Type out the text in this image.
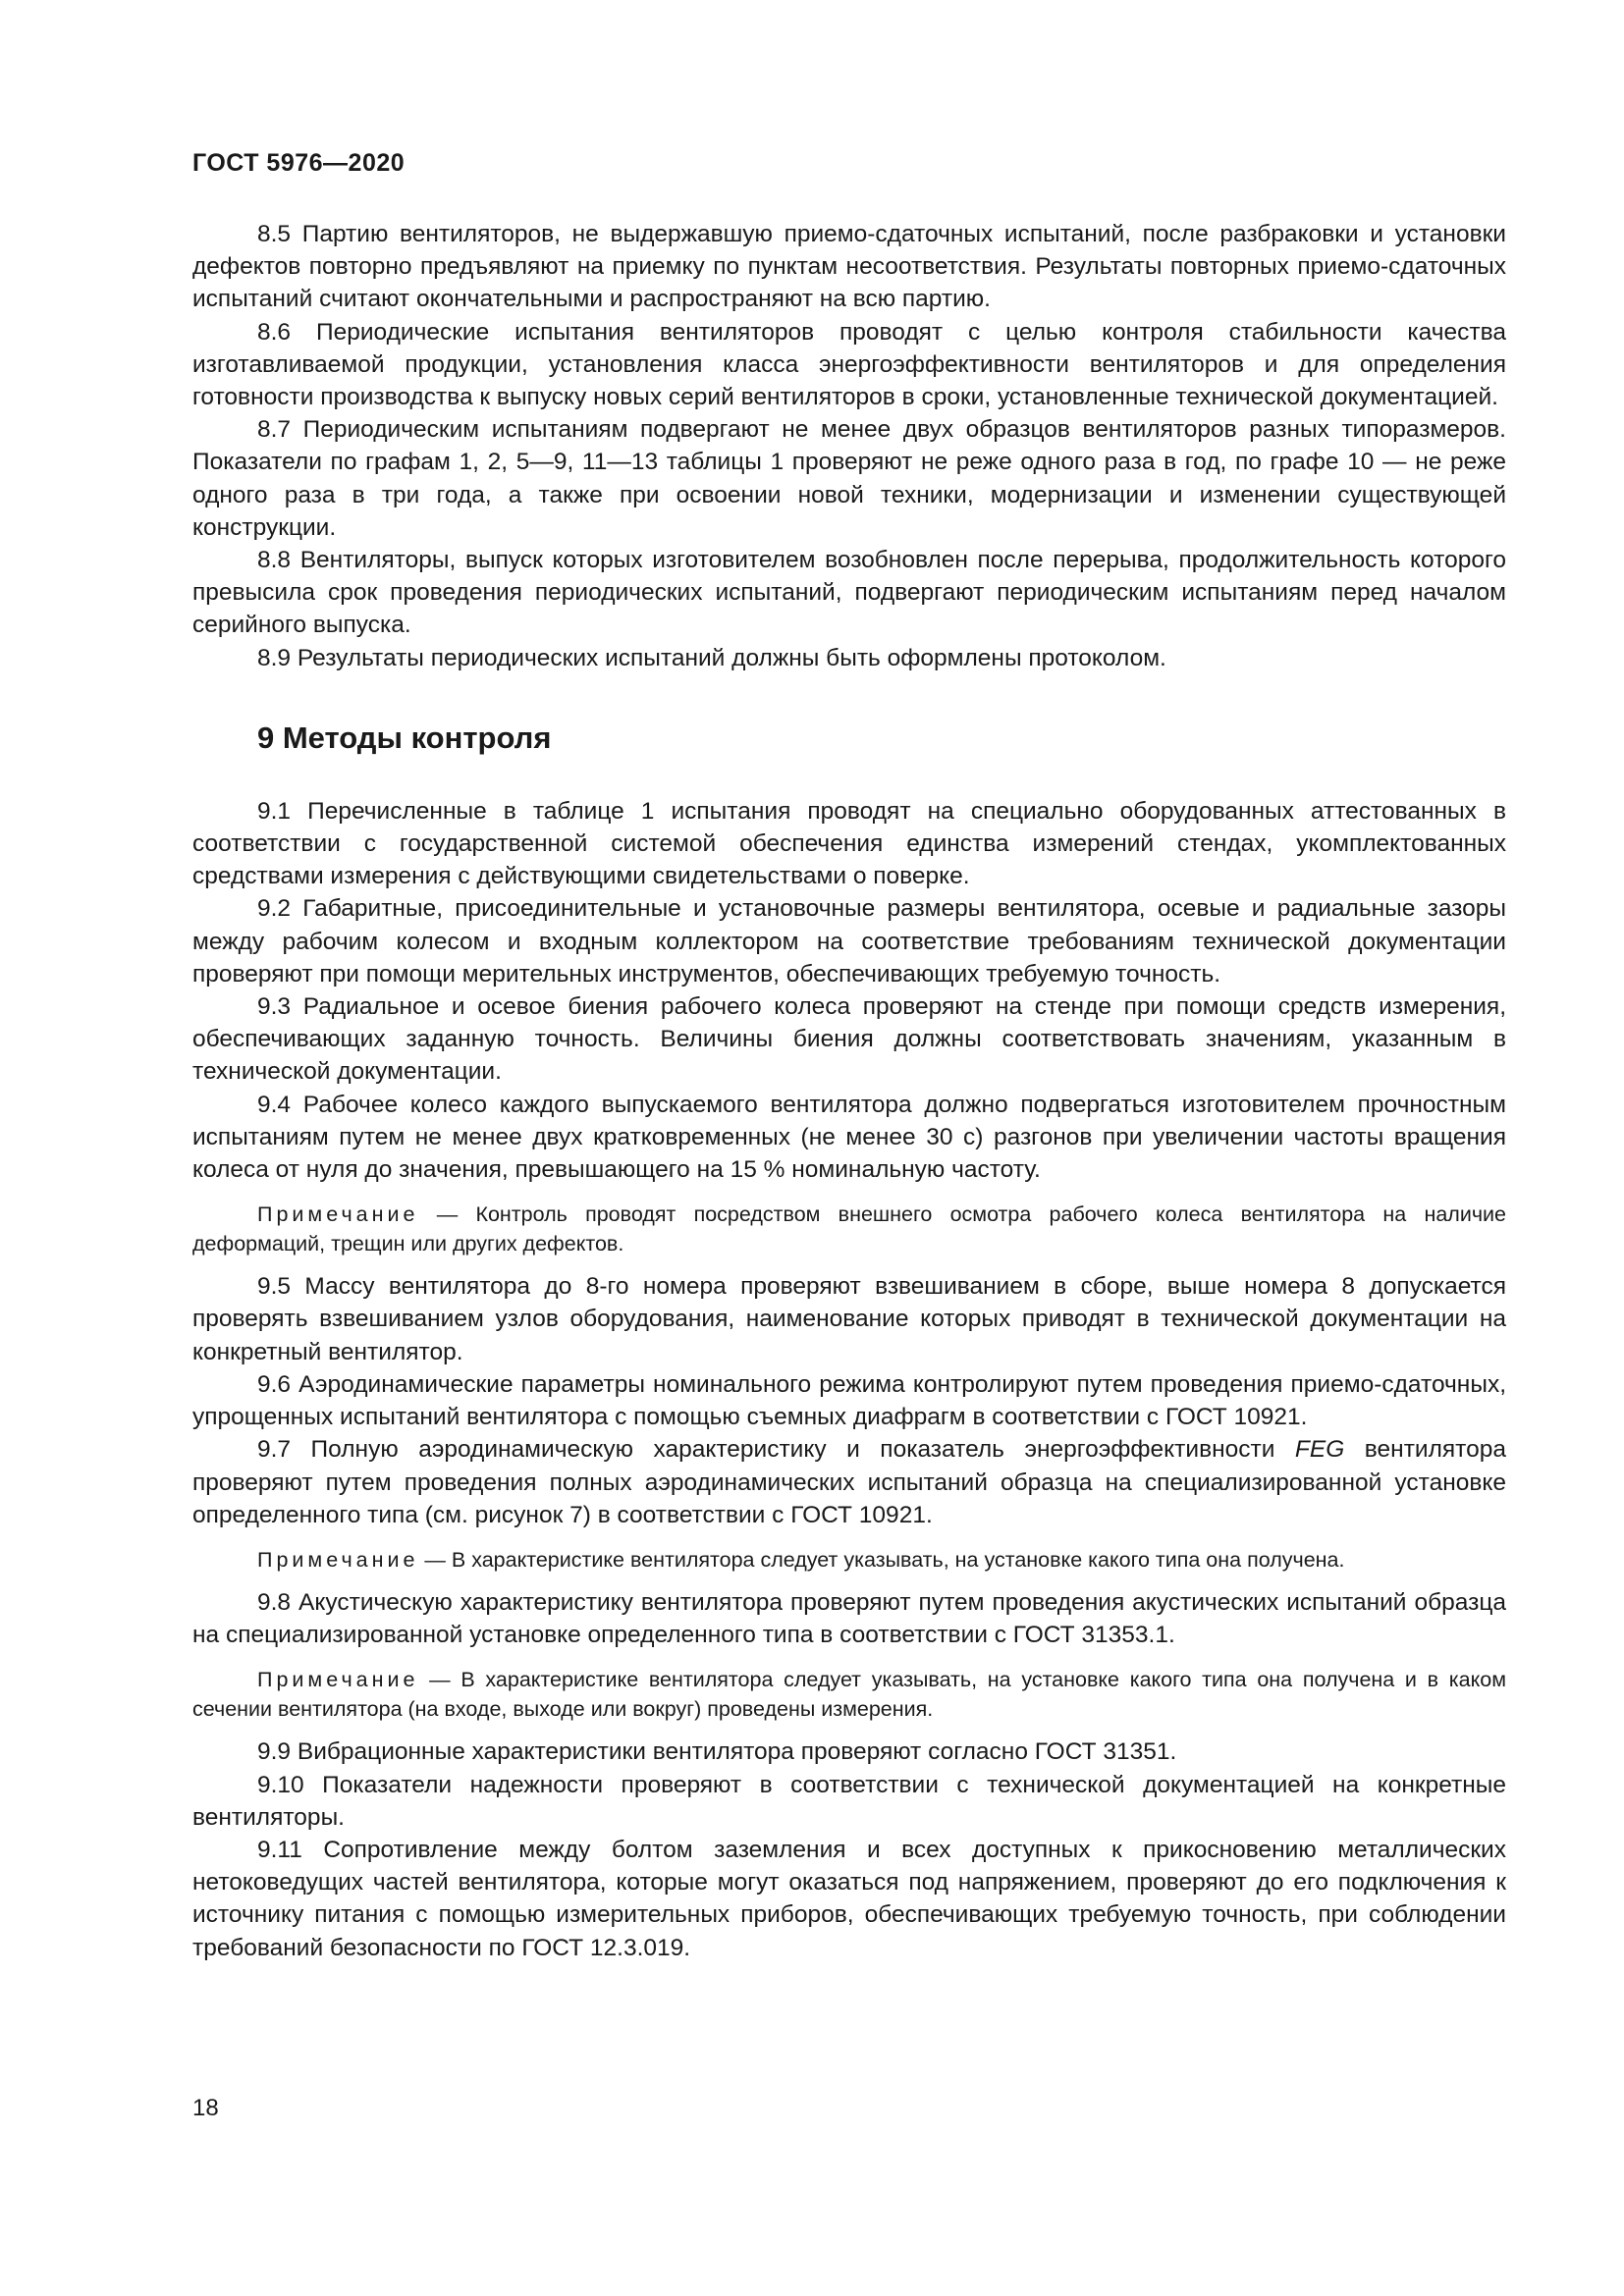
ГОСТ 5976—2020

8.5 Партию вентиляторов, не выдержавшую приемо-сдаточных испытаний, после разбраковки и установки дефектов повторно предъявляют на приемку по пунктам несоответствия. Результаты повторных приемо-сдаточных испытаний считают окончательными и распространяют на всю партию.

8.6 Периодические испытания вентиляторов проводят с целью контроля стабильности качества изготавливаемой продукции, установления класса энергоэффективности вентиляторов и для определения готовности производства к выпуску новых серий вентиляторов в сроки, установленные технической документацией.

8.7 Периодическим испытаниям подвергают не менее двух образцов вентиляторов разных типоразмеров. Показатели по графам 1, 2, 5—9, 11—13 таблицы 1 проверяют не реже одного раза в год, по графе 10 — не реже одного раза в три года, а также при освоении новой техники, модернизации и изменении существующей конструкции.

8.8 Вентиляторы, выпуск которых изготовителем возобновлен после перерыва, продолжительность которого превысила срок проведения периодических испытаний, подвергают периодическим испытаниям перед началом серийного выпуска.

8.9 Результаты периодических испытаний должны быть оформлены протоколом.

9 Методы контроля

9.1 Перечисленные в таблице 1 испытания проводят на специально оборудованных аттестованных в соответствии с государственной системой обеспечения единства измерений стендах, укомплектованных средствами измерения с действующими свидетельствами о поверке.

9.2 Габаритные, присоединительные и установочные размеры вентилятора, осевые и радиальные зазоры между рабочим колесом и входным коллектором на соответствие требованиям технической документации проверяют при помощи мерительных инструментов, обеспечивающих требуемую точность.

9.3 Радиальное и осевое биения рабочего колеса проверяют на стенде при помощи средств измерения, обеспечивающих заданную точность. Величины биения должны соответствовать значениям, указанным в технической документации.

9.4 Рабочее колесо каждого выпускаемого вентилятора должно подвергаться изготовителем прочностным испытаниям путем не менее двух кратковременных (не менее 30 с) разгонов при увеличении частоты вращения колеса от нуля до значения, превышающего на 15 % номинальную частоту.

Примечание — Контроль проводят посредством внешнего осмотра рабочего колеса вентилятора на наличие деформаций, трещин или других дефектов.

9.5 Массу вентилятора до 8-го номера проверяют взвешиванием в сборе, выше номера 8 допускается проверять взвешиванием узлов оборудования, наименование которых приводят в технической документации на конкретный вентилятор.

9.6 Аэродинамические параметры номинального режима контролируют путем проведения приемо-сдаточных, упрощенных испытаний вентилятора с помощью съемных диафрагм в соответствии с ГОСТ 10921.

9.7 Полную аэродинамическую характеристику и показатель энергоэффективности FEG вентилятора проверяют путем проведения полных аэродинамических испытаний образца на специализированной установке определенного типа (см. рисунок 7) в соответствии с ГОСТ 10921.

Примечание — В характеристике вентилятора следует указывать, на установке какого типа она получена.

9.8 Акустическую характеристику вентилятора проверяют путем проведения акустических испытаний образца на специализированной установке определенного типа в соответствии с ГОСТ 31353.1.

Примечание — В характеристике вентилятора следует указывать, на установке какого типа она получена и в каком сечении вентилятора (на входе, выходе или вокруг) проведены измерения.

9.9 Вибрационные характеристики вентилятора проверяют согласно ГОСТ 31351.

9.10 Показатели надежности проверяют в соответствии с технической документацией на конкретные вентиляторы.

9.11 Сопротивление между болтом заземления и всех доступных к прикосновению металлических нетоковедущих частей вентилятора, которые могут оказаться под напряжением, проверяют до его подключения к источнику питания с помощью измерительных приборов, обеспечивающих требуемую точность, при соблюдении требований безопасности по ГОСТ 12.3.019.

18
